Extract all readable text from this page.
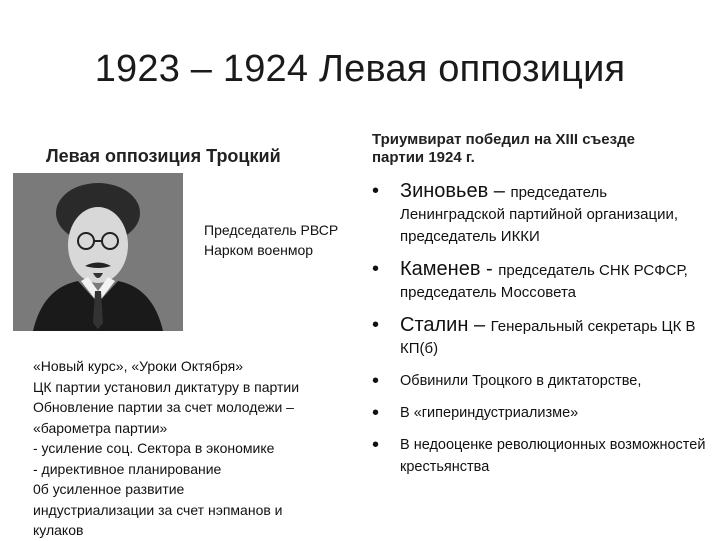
1923 – 1924 Левая оппозиция
Левая оппозиция Троцкий
Председатель РВСР
Нарком военмор
«Новый курс», «Уроки Октября»
ЦК партии установил диктатуру в партии
Обновление партии за счет молодежи –
«барометра партии»
- усиление соц. Сектора в экономике
- директивное планирование
0б усиленное развитие
индустриализации за счет нэпманов и
кулаков
Триумвират победил на XIII съезде партии 1924 г.
• Зиновьев – председатель Ленинградской партийной организации, председатель ИККИ
• Каменев - председатель СНК РСФСР, председатель Моссовета
• Сталин – Генеральный секретарь ЦК В КП(б)
• Обвинили Троцкого в диктаторстве,
• В «гипериндустриализме»
• В недооценке революционных возможностей крестьянства
